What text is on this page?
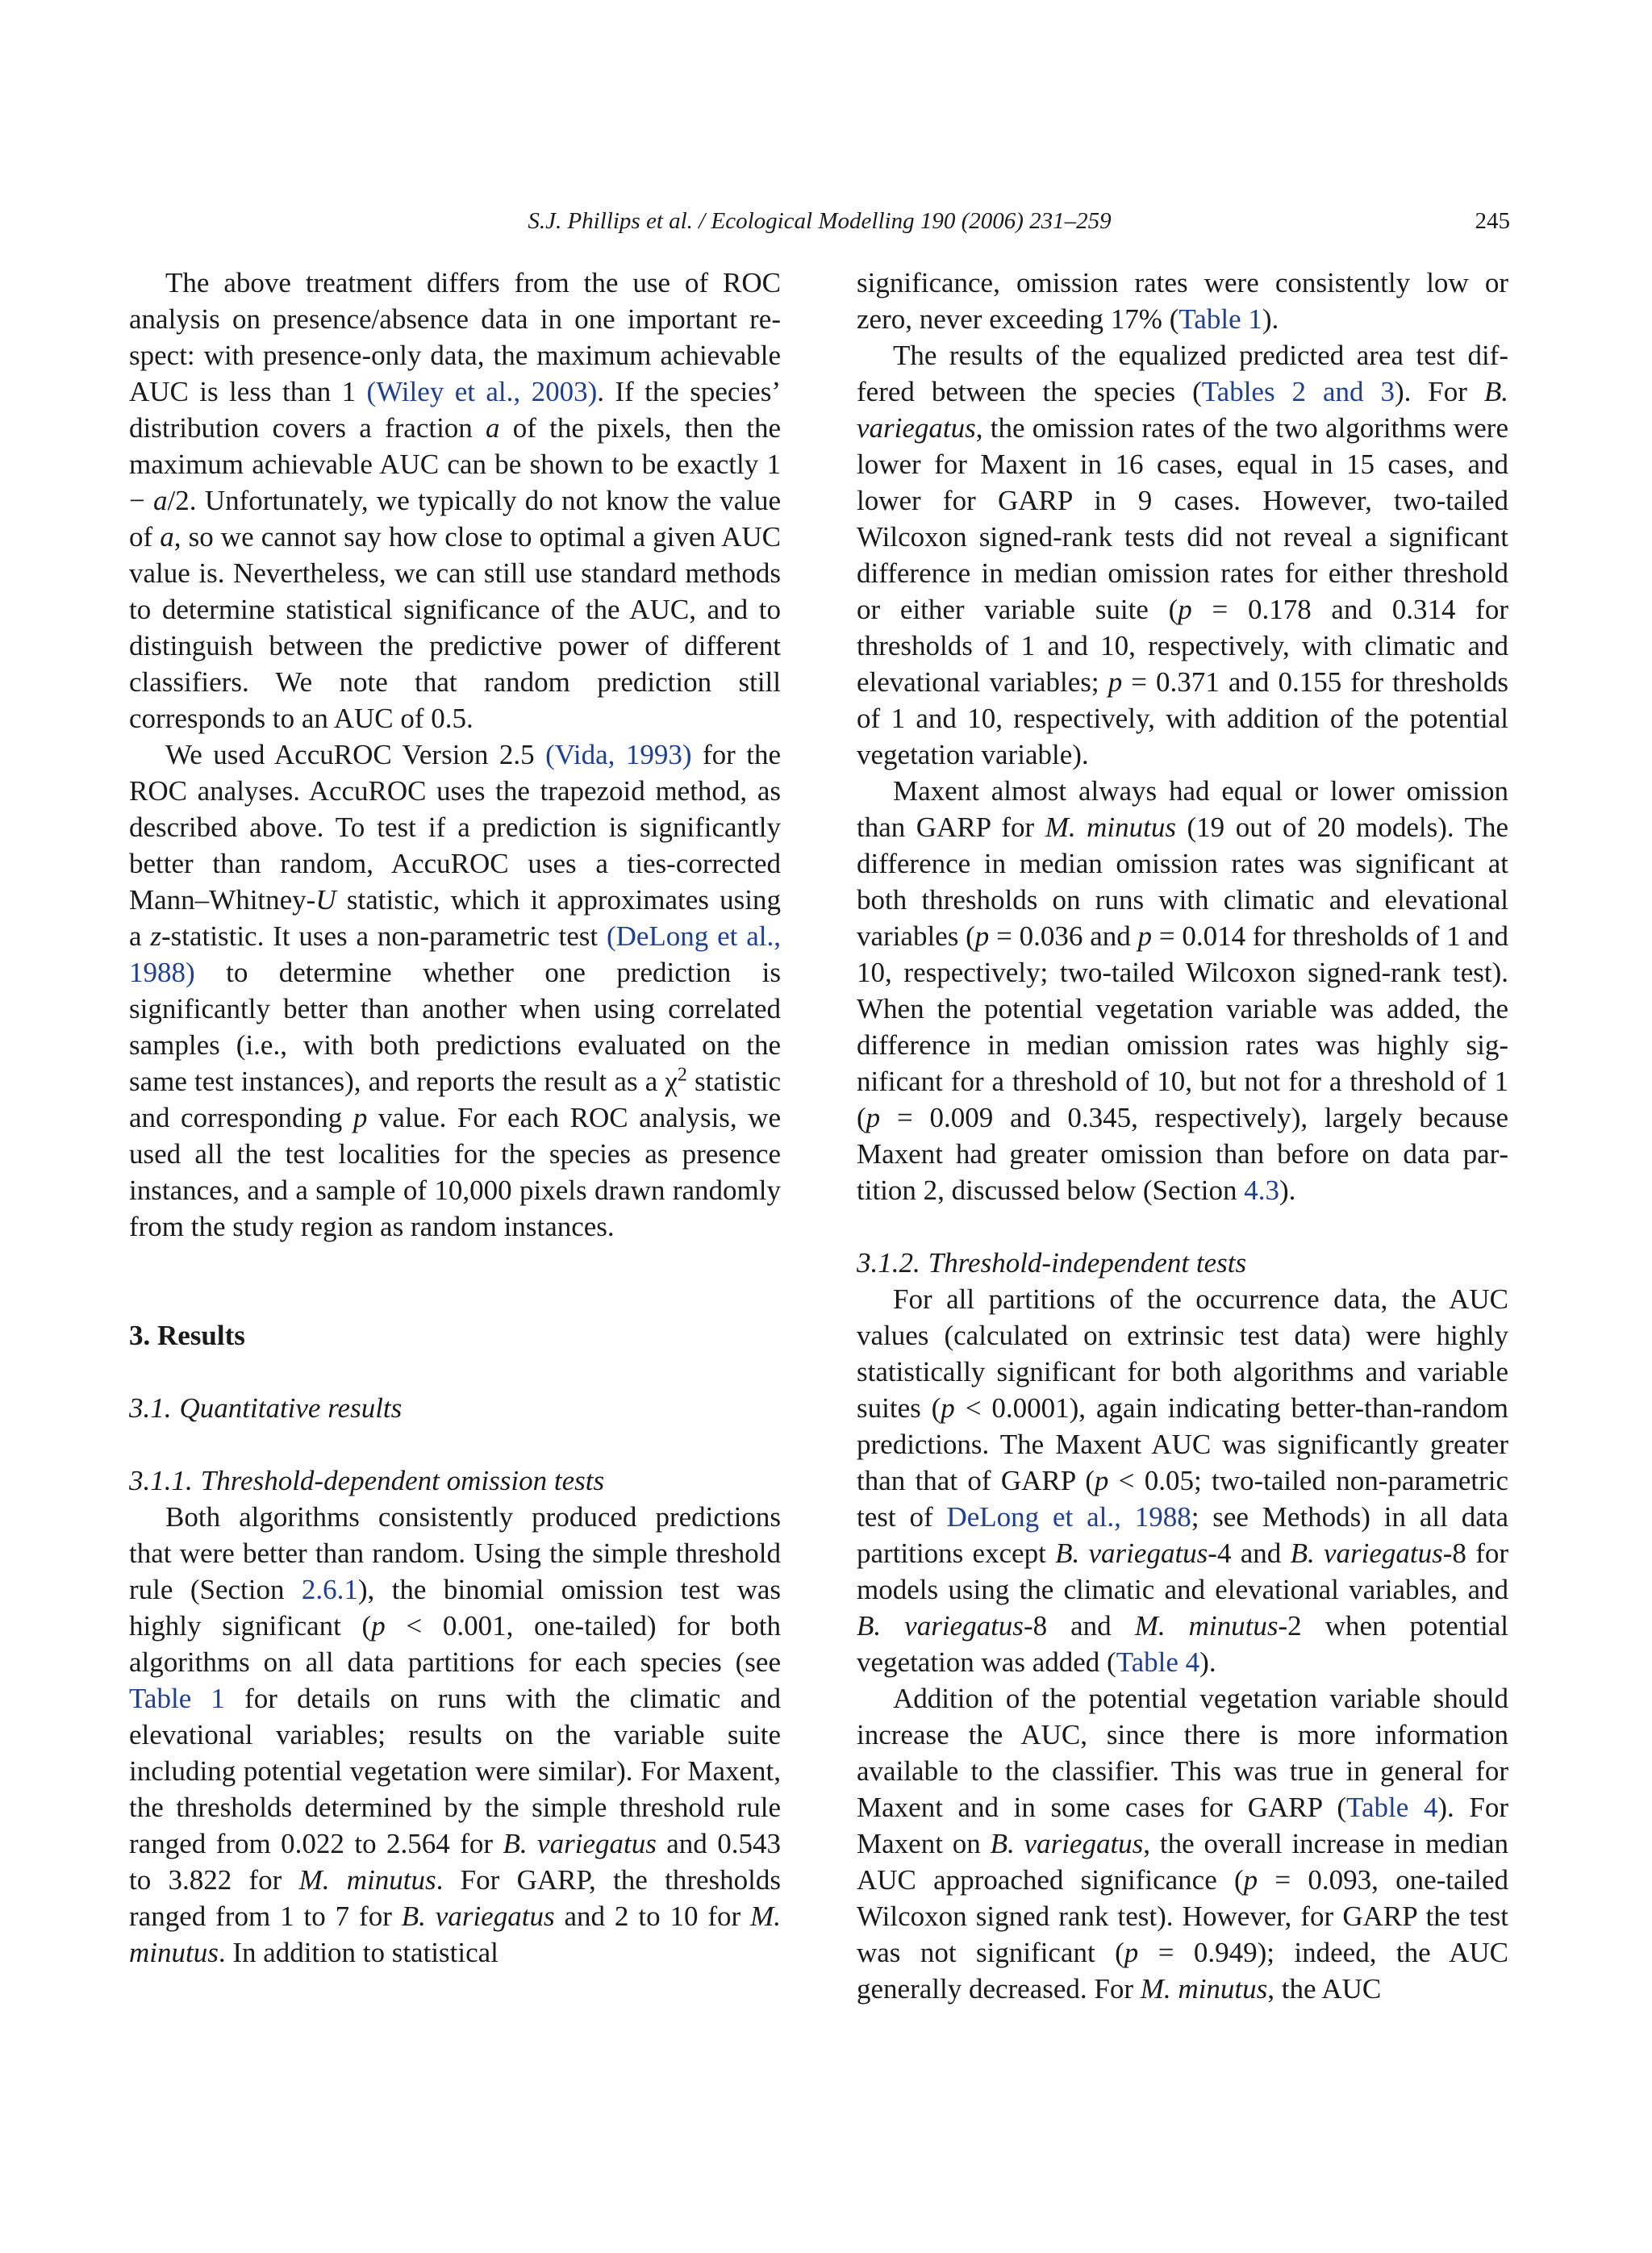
S.J. Phillips et al. / Ecological Modelling 190 (2006) 231–259	245

The above treatment differs from the use of ROC analysis on presence/absence data in one important respect: with presence-only data, the maximum achievable AUC is less than 1 (Wiley et al., 2003). If the species’ distribution covers a fraction a of the pixels, then the maximum achievable AUC can be shown to be exactly 1 − a/2. Unfortunately, we typically do not know the value of a, so we cannot say how close to optimal a given AUC value is. Nevertheless, we can still use standard methods to determine statistical significance of the AUC, and to distinguish between the predictive power of different classifiers. We note that random prediction still corresponds to an AUC of 0.5.

We used AccuROC Version 2.5 (Vida, 1993) for the ROC analyses. AccuROC uses the trapezoid method, as described above. To test if a prediction is significantly better than random, AccuROC uses a ties-corrected Mann–Whitney-U statistic, which it approximates using a z-statistic. It uses a non-parametric test (DeLong et al., 1988) to determine whether one prediction is significantly better than another when using correlated samples (i.e., with both predictions evaluated on the same test instances), and reports the result as a $\chi^2$ statistic and corresponding p value. For each ROC analysis, we used all the test localities for the species as presence instances, and a sample of 10,000 pixels drawn randomly from the study region as random instances.

3. Results

3.1. Quantitative results

3.1.1. Threshold-dependent omission tests

Both algorithms consistently produced predictions that were better than random. Using the simple threshold rule (Section 2.6.1), the binomial omission test was highly significant (p < 0.001, one-tailed) for both algorithms on all data partitions for each species (see Table 1 for details on runs with the climatic and elevational variables; results on the variable suite including potential vegetation were similar). For Maxent, the thresholds determined by the simple threshold rule ranged from 0.022 to 2.564 for B. variegatus and 0.543 to 3.822 for M. minutus. For GARP, the thresholds ranged from 1 to 7 for B. variegatus and 2 to 10 for M. minutus. In addition to statistical

significance, omission rates were consistently low or zero, never exceeding 17% (Table 1).

The results of the equalized predicted area test differed between the species (Tables 2 and 3). For B. variegatus, the omission rates of the two algorithms were lower for Maxent in 16 cases, equal in 15 cases, and lower for GARP in 9 cases. However, two-tailed Wilcoxon signed-rank tests did not reveal a significant difference in median omission rates for either threshold or either variable suite (p = 0.178 and 0.314 for thresholds of 1 and 10, respectively, with climatic and elevational variables; p = 0.371 and 0.155 for thresholds of 1 and 10, respectively, with addition of the potential vegetation variable).

Maxent almost always had equal or lower omission than GARP for M. minutus (19 out of 20 models). The difference in median omission rates was significant at both thresholds on runs with climatic and elevational variables (p = 0.036 and p = 0.014 for thresholds of 1 and 10, respectively; two-tailed Wilcoxon signed-rank test). When the potential vegetation variable was added, the difference in median omission rates was highly significant for a threshold of 10, but not for a threshold of 1 (p = 0.009 and 0.345, respectively), largely because Maxent had greater omission than before on data partition 2, discussed below (Section 4.3).

3.1.2. Threshold-independent tests

For all partitions of the occurrence data, the AUC values (calculated on extrinsic test data) were highly statistically significant for both algorithms and variable suites (p < 0.0001), again indicating better-than-random predictions. The Maxent AUC was significantly greater than that of GARP (p < 0.05; two-tailed non-parametric test of DeLong et al., 1988; see Methods) in all data partitions except B. variegatus-4 and B. variegatus-8 for models using the climatic and elevational variables, and B. variegatus-8 and M. minutus-2 when potential vegetation was added (Table 4).

Addition of the potential vegetation variable should increase the AUC, since there is more information available to the classifier. This was true in general for Maxent and in some cases for GARP (Table 4). For Maxent on B. variegatus, the overall increase in median AUC approached significance (p = 0.093, one-tailed Wilcoxon signed rank test). However, for GARP the test was not significant (p = 0.949); indeed, the AUC generally decreased. For M. minutus, the AUC
